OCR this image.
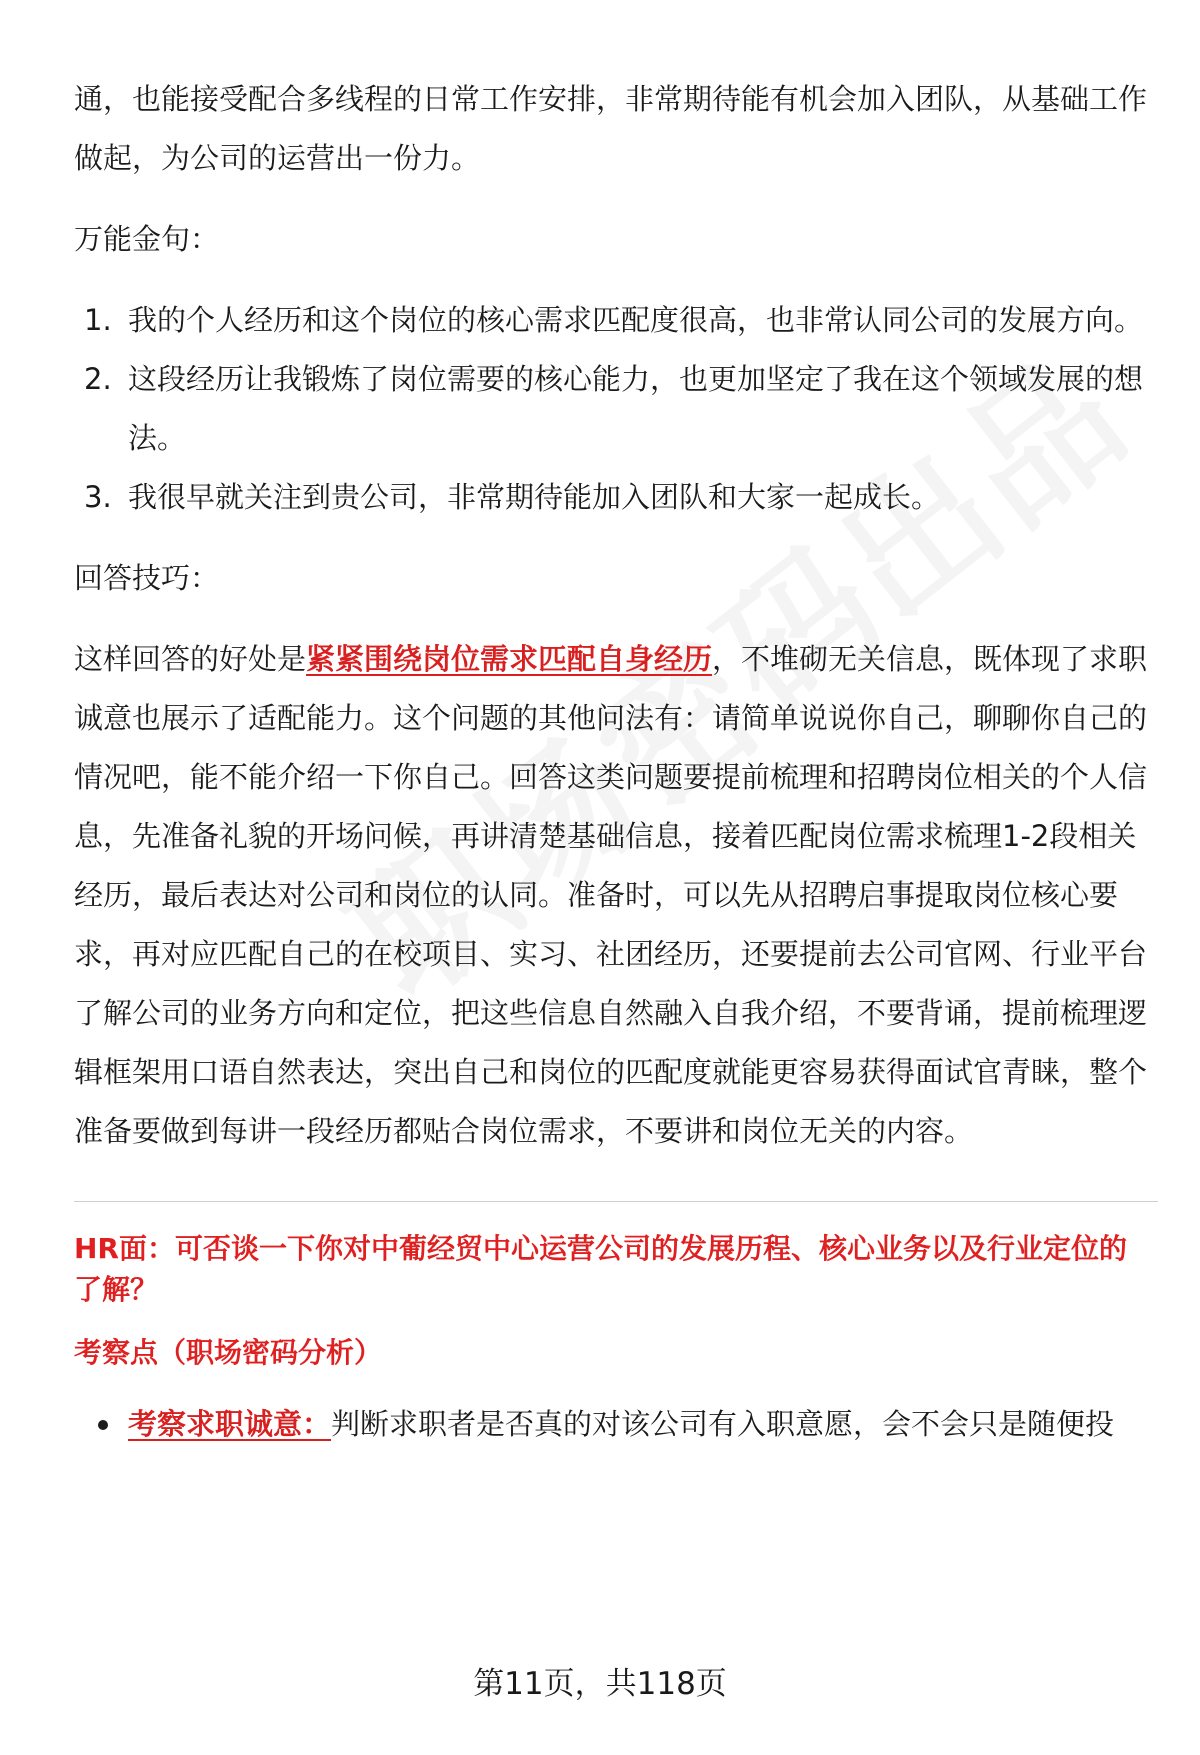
通，也能接受配合多线程的日常工作安排，非常期待能有机会加入团队，从基础工作做起，为公司的运营出一份力。

万能金句：

1. 我的个人经历和这个岗位的核心需求匹配度很高，也非常认同公司的发展方向。
2. 这段经历让我锻炼了岗位需要的核心能力，也更加坚定了我在这个领域发展的想法。
3. 我很早就关注到贵公司，非常期待能加入团队和大家一起成长。

回答技巧：

这样回答的好处是紧紧围绕岗位需求匹配自身经历，不堆砌无关信息，既体现了求职诚意也展示了适配能力。这个问题的其他问法有：请简单说说你自己，聊聊你自己的情况吧，能不能介绍一下你自己。回答这类问题要提前梳理和招聘岗位相关的个人信息，先准备礼貌的开场问候，再讲清楚基础信息，接着匹配岗位需求梳理1-2段相关经历，最后表达对公司和岗位的认同。准备时，可以先从招聘启事提取岗位核心要求，再对应匹配自己的在校项目、实习、社团经历，还要提前去公司官网、行业平台了解公司的业务方向和定位，把这些信息自然融入自我介绍，不要背诵，提前梳理逻辑框架用口语自然表达，突出自己和岗位的匹配度就能更容易获得面试官青睐，整个准备要做到每讲一段经历都贴合岗位需求，不要讲和岗位无关的内容。

HR面：可否谈一下你对中葡经贸中心运营公司的发展历程、核心业务以及行业定位的了解？

考察点（职场密码分析）

考察求职诚意：判断求职者是否真的对该公司有入职意愿，会不会只是随便投
第11页，共118页
